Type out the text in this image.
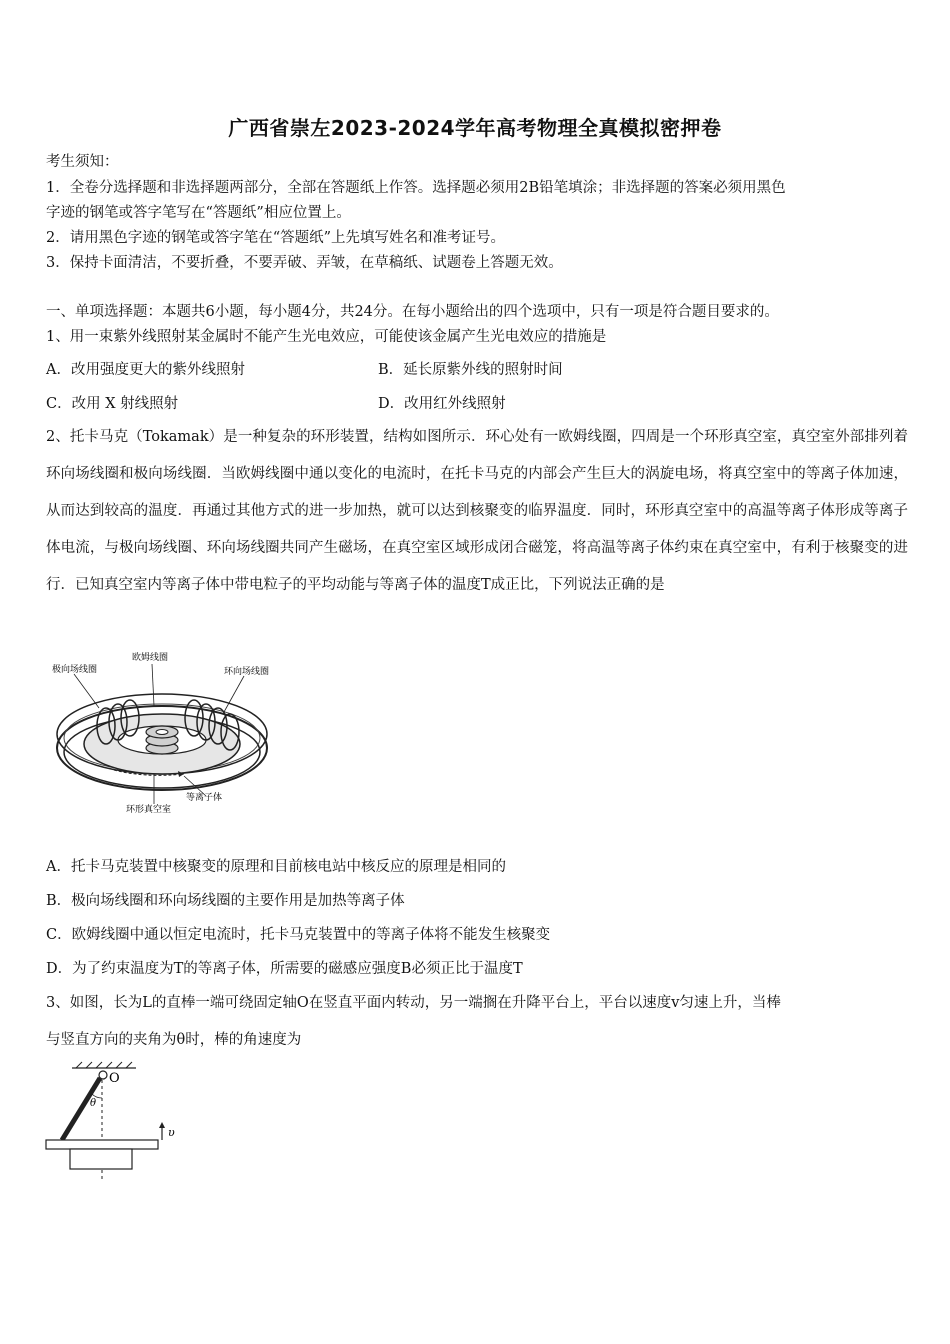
广西省崇左2023-2024学年高考物理全真模拟密押卷
考生须知：
1．全卷分选择题和非选择题两部分，全部在答题纸上作答。选择题必须用2B铅笔填涂；非选择题的答案必须用黑色
字迹的钢笔或答字笔写在“答题纸”相应位置上。
2．请用黑色字迹的钢笔或答字笔在“答题纸”上先填写姓名和准考证号。
3．保持卡面清洁，不要折叠，不要弄破、弄皱，在草稿纸、试题卷上答题无效。
一、单项选择题：本题共6小题，每小题4分，共24分。在每小题给出的四个选项中，只有一项是符合题目要求的。
1、用一束紫外线照射某金属时不能产生光电效应，可能使该金属产生光电效应的措施是
A．改用强度更大的紫外线照射	B．延长原紫外线的照射时间
C．改用 X 射线照射	D．改用红外线照射
2、托卡马克（Tokamak）是一种复杂的环形装置，结构如图所示．环心处有一欧姆线圈，四周是一个环形真空室，真空室外部排列着环向场线圈和极向场线圈．当欧姆线圈中通以变化的电流时，在托卡马克的内部会产生巨大的涡旋电场，将真空室中的等离子体加速，从而达到较高的温度．再通过其他方式的进一步加热，就可以达到核聚变的临界温度．同时，环形真空室中的高温等离子体形成等离子体电流，与极向场线圈、环向场线圈共同产生磁场，在真空室区域形成闭合磁笼，将高温等离子体约束在真空室中，有利于核聚变的进行．已知真空室内等离子体中带电粒子的平均动能与等离子体的温度T成正比，下列说法正确的是
极向场线圈
欧姆线圈
环向场线圈
等离子体
环形真空室
A．托卡马克装置中核聚变的原理和目前核电站中核反应的原理是相同的
B．极向场线圈和环向场线圈的主要作用是加热等离子体
C．欧姆线圈中通以恒定电流时，托卡马克装置中的等离子体将不能发生核聚变
D．为了约束温度为T的等离子体，所需要的磁感应强度B必须正比于温度T
3、如图，长为L的直棒一端可绕固定轴O在竖直平面内转动，另一端搁在升降平台上，平台以速度v匀速上升，当棒
与竖直方向的夹角为θ时，棒的角速度为
O
θ
υ
